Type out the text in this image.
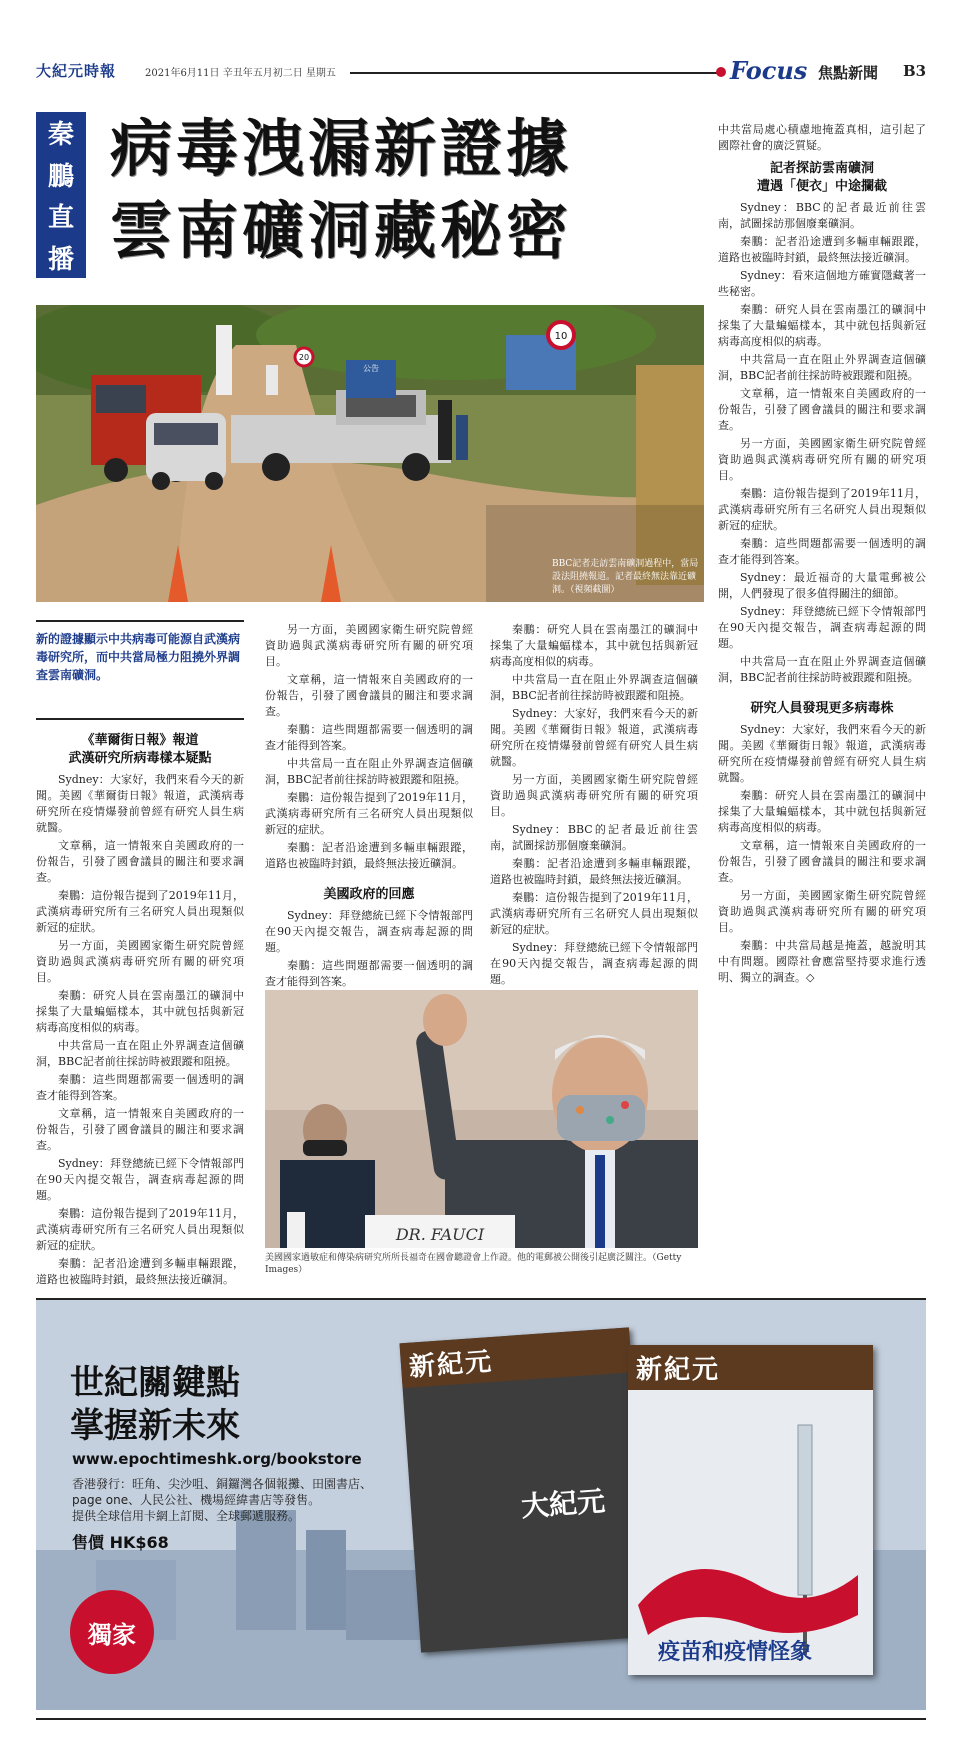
大紀元時報	2021年6月11日 辛丑年五月初二日 星期五	Focus 焦點新聞 B3
秦
鵬
直
播
病毒洩漏新證據
雲南礦洞藏秘密
中共當局處心積慮地掩蓋真相，這引起了國際社會的廣泛質疑。
記者探訪雲南礦洞
遭遇「便衣」中途攔截

Sydney：BBC的記者最近前往雲南，試圖採訪那個廢棄礦洞。

秦鵬：記者沿途遭到多輛車輛跟蹤，道路也被臨時封鎖，最終無法接近礦洞。

Sydney：看來這個地方確實隱藏著一些秘密。

秦鵬：研究人員在雲南墨江的礦洞中採集了大量蝙蝠樣本，其中就包括與新冠病毒高度相似的病毒。

中共當局一直在阻止外界調查這個礦洞，BBC記者前往採訪時被跟蹤和阻撓。

文章稱，這一情報來自美國政府的一份報告，引發了國會議員的關注和要求調查。

另一方面，美國國家衛生研究院曾經資助過與武漢病毒研究所有關的研究項目。

秦鵬：這份報告提到了2019年11月，武漢病毒研究所有三名研究人員出現類似新冠的症狀。

秦鵬：這些問題都需要一個透明的調查才能得到答案。

Sydney：最近福奇的大量電郵被公開，人們發現了很多值得關注的細節。

Sydney：拜登總統已經下令情報部門在90天內提交報告，調查病毒起源的問題。

中共當局一直在阻止外界調查這個礦洞，BBC記者前往採訪時被跟蹤和阻撓。

研究人員發現更多病毒株

Sydney：大家好，我們來看今天的新聞。美國《華爾街日報》報道，武漢病毒研究所在疫情爆發前曾經有研究人員生病就醫。

秦鵬：研究人員在雲南墨江的礦洞中採集了大量蝙蝠樣本，其中就包括與新冠病毒高度相似的病毒。

文章稱，這一情報來自美國政府的一份報告，引發了國會議員的關注和要求調查。

另一方面，美國國家衛生研究院曾經資助過與武漢病毒研究所有關的研究項目。

秦鵬：中共當局越是掩蓋，越說明其中有問題。國際社會應當堅持要求進行透明、獨立的調查。◇

公告
10
20
BBC記者走訪雲南礦洞過程中，當局設法阻撓報道。記者最終無法靠近礦洞。（視頻截圖）
新的證據顯示中共病毒可能源自武漢病毒研究所，而中共當局極力阻撓外界調查雲南礦洞。
《華爾街日報》報道
武漢研究所病毒樣本疑點

Sydney：大家好，我們來看今天的新聞。美國《華爾街日報》報道，武漢病毒研究所在疫情爆發前曾經有研究人員生病就醫。

文章稱，這一情報來自美國政府的一份報告，引發了國會議員的關注和要求調查。

秦鵬：這份報告提到了2019年11月，武漢病毒研究所有三名研究人員出現類似新冠的症狀。

另一方面，美國國家衛生研究院曾經資助過與武漢病毒研究所有關的研究項目。

秦鵬：研究人員在雲南墨江的礦洞中採集了大量蝙蝠樣本，其中就包括與新冠病毒高度相似的病毒。

中共當局一直在阻止外界調查這個礦洞，BBC記者前往採訪時被跟蹤和阻撓。

秦鵬：這些問題都需要一個透明的調查才能得到答案。

文章稱，這一情報來自美國政府的一份報告，引發了國會議員的關注和要求調查。

Sydney：拜登總統已經下令情報部門在90天內提交報告，調查病毒起源的問題。

秦鵬：這份報告提到了2019年11月，武漢病毒研究所有三名研究人員出現類似新冠的症狀。

秦鵬：記者沿途遭到多輛車輛跟蹤，道路也被臨時封鎖，最終無法接近礦洞。

另一方面，美國國家衛生研究院曾經資助過與武漢病毒研究所有關的研究項目。

文章稱，這一情報來自美國政府的一份報告，引發了國會議員的關注和要求調查。

秦鵬：這些問題都需要一個透明的調查才能得到答案。

中共當局一直在阻止外界調查這個礦洞，BBC記者前往採訪時被跟蹤和阻撓。

秦鵬：這份報告提到了2019年11月，武漢病毒研究所有三名研究人員出現類似新冠的症狀。

秦鵬：記者沿途遭到多輛車輛跟蹤，道路也被臨時封鎖，最終無法接近礦洞。

美國政府的回應

Sydney：拜登總統已經下令情報部門在90天內提交報告，調查病毒起源的問題。

秦鵬：這些問題都需要一個透明的調查才能得到答案。

秦鵬：研究人員在雲南墨江的礦洞中採集了大量蝙蝠樣本，其中就包括與新冠病毒高度相似的病毒。

中共當局一直在阻止外界調查這個礦洞，BBC記者前往採訪時被跟蹤和阻撓。

Sydney：大家好，我們來看今天的新聞。美國《華爾街日報》報道，武漢病毒研究所在疫情爆發前曾經有研究人員生病就醫。

另一方面，美國國家衛生研究院曾經資助過與武漢病毒研究所有關的研究項目。

Sydney：BBC的記者最近前往雲南，試圖採訪那個廢棄礦洞。

秦鵬：記者沿途遭到多輛車輛跟蹤，道路也被臨時封鎖，最終無法接近礦洞。

秦鵬：這份報告提到了2019年11月，武漢病毒研究所有三名研究人員出現類似新冠的症狀。

Sydney：拜登總統已經下令情報部門在90天內提交報告，調查病毒起源的問題。

DR. FAUCI
美國國家過敏症和傳染病研究所所長福奇在國會聽證會上作證。他的電郵被公開後引起廣泛關注。（Getty Images）
世紀關鍵點
掌握新未來
www.epochtimeshk.org/bookstore
香港發行：旺角、尖沙咀、銅鑼灣各個報攤、田園書店、
page one、人民公社、機場經緯書店等發售。
提供全球信用卡網上訂閱、全球郵遞服務。
售價 HK$68
獨家
新紀元
大紀元
新紀元
疫苗和疫情怪象
